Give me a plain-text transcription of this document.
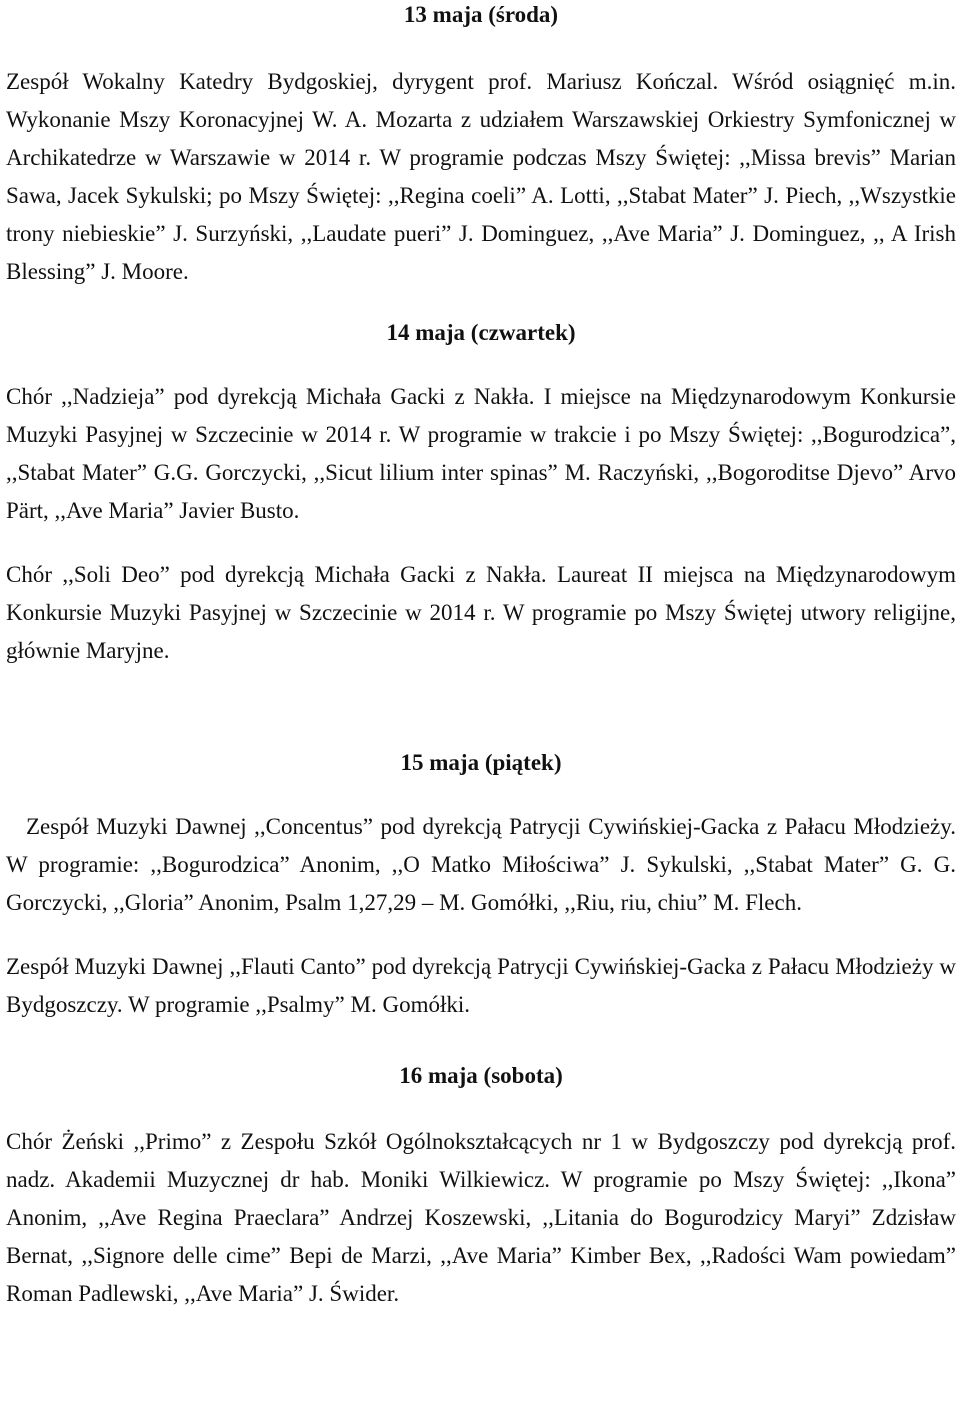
13 maja (środa)

Zespół Wokalny Katedry Bydgoskiej, dyrygent prof. Mariusz Kończal. Wśród osiągnięć m.in. Wykonanie Mszy Koronacyjnej W. A. Mozarta z udziałem Warszawskiej Orkiestry Symfonicznej w Archikatedrze w Warszawie w 2014 r. W programie podczas Mszy Świętej: ,,Missa brevis” Marian Sawa, Jacek Sykulski; po Mszy Świętej: ,,Regina coeli” A. Lotti, ,,Stabat Mater” J. Piech, ,,Wszystkie trony niebieskie” J. Surzyński, ,,Laudate pueri” J. Dominguez, ,,Ave Maria” J. Dominguez, ,, A Irish Blessing” J. Moore.

14 maja (czwartek)

Chór ,,Nadzieja” pod dyrekcją Michała Gacki z Nakła. I miejsce na Międzynarodowym Konkursie Muzyki Pasyjnej w Szczecinie w 2014 r. W programie w trakcie i po Mszy Świętej: ,,Bogurodzica”, ,,Stabat Mater” G.G. Gorczycki, ,,Sicut lilium inter spinas” M. Raczyński, ,,Bogoroditse Djevo” Arvo Pärt, ,,Ave Maria” Javier Busto.

Chór ,,Soli Deo” pod dyrekcją Michała Gacki z Nakła. Laureat II miejsca na Międzynarodowym Konkursie Muzyki Pasyjnej w Szczecinie w 2014 r. W programie po Mszy Świętej utwory religijne, głównie Maryjne.

15 maja (piątek)

Zespół Muzyki Dawnej ,,Concentus” pod dyrekcją Patrycji Cywińskiej-Gacka z Pałacu Młodzieży. W programie: ,,Bogurodzica” Anonim, ,,O Matko Miłościwa” J. Sykulski, ,,Stabat Mater” G. G. Gorczycki, ,,Gloria” Anonim, Psalm 1,27,29 – M. Gomółki, ,,Riu, riu, chiu” M. Flech.

Zespół Muzyki Dawnej ,,Flauti Canto” pod dyrekcją Patrycji Cywińskiej-Gacka z Pałacu Młodzieży w Bydgoszczy. W programie ,,Psalmy” M. Gomółki.

16 maja (sobota)

Chór Żeński ,,Primo” z Zespołu Szkół Ogólnokształcących nr 1 w Bydgoszczy pod dyrekcją prof. nadz. Akademii Muzycznej dr hab. Moniki Wilkiewicz. W programie po Mszy Świętej: ,,Ikona” Anonim, ,,Ave Regina Praeclara” Andrzej Koszewski, ,,Litania do Bogurodzicy Maryi” Zdzisław Bernat, ,,Signore delle cime” Bepi de Marzi, ,,Ave Maria” Kimber Bex, ,,Radości Wam powiedam” Roman Padlewski, ,,Ave Maria” J. Świder.
